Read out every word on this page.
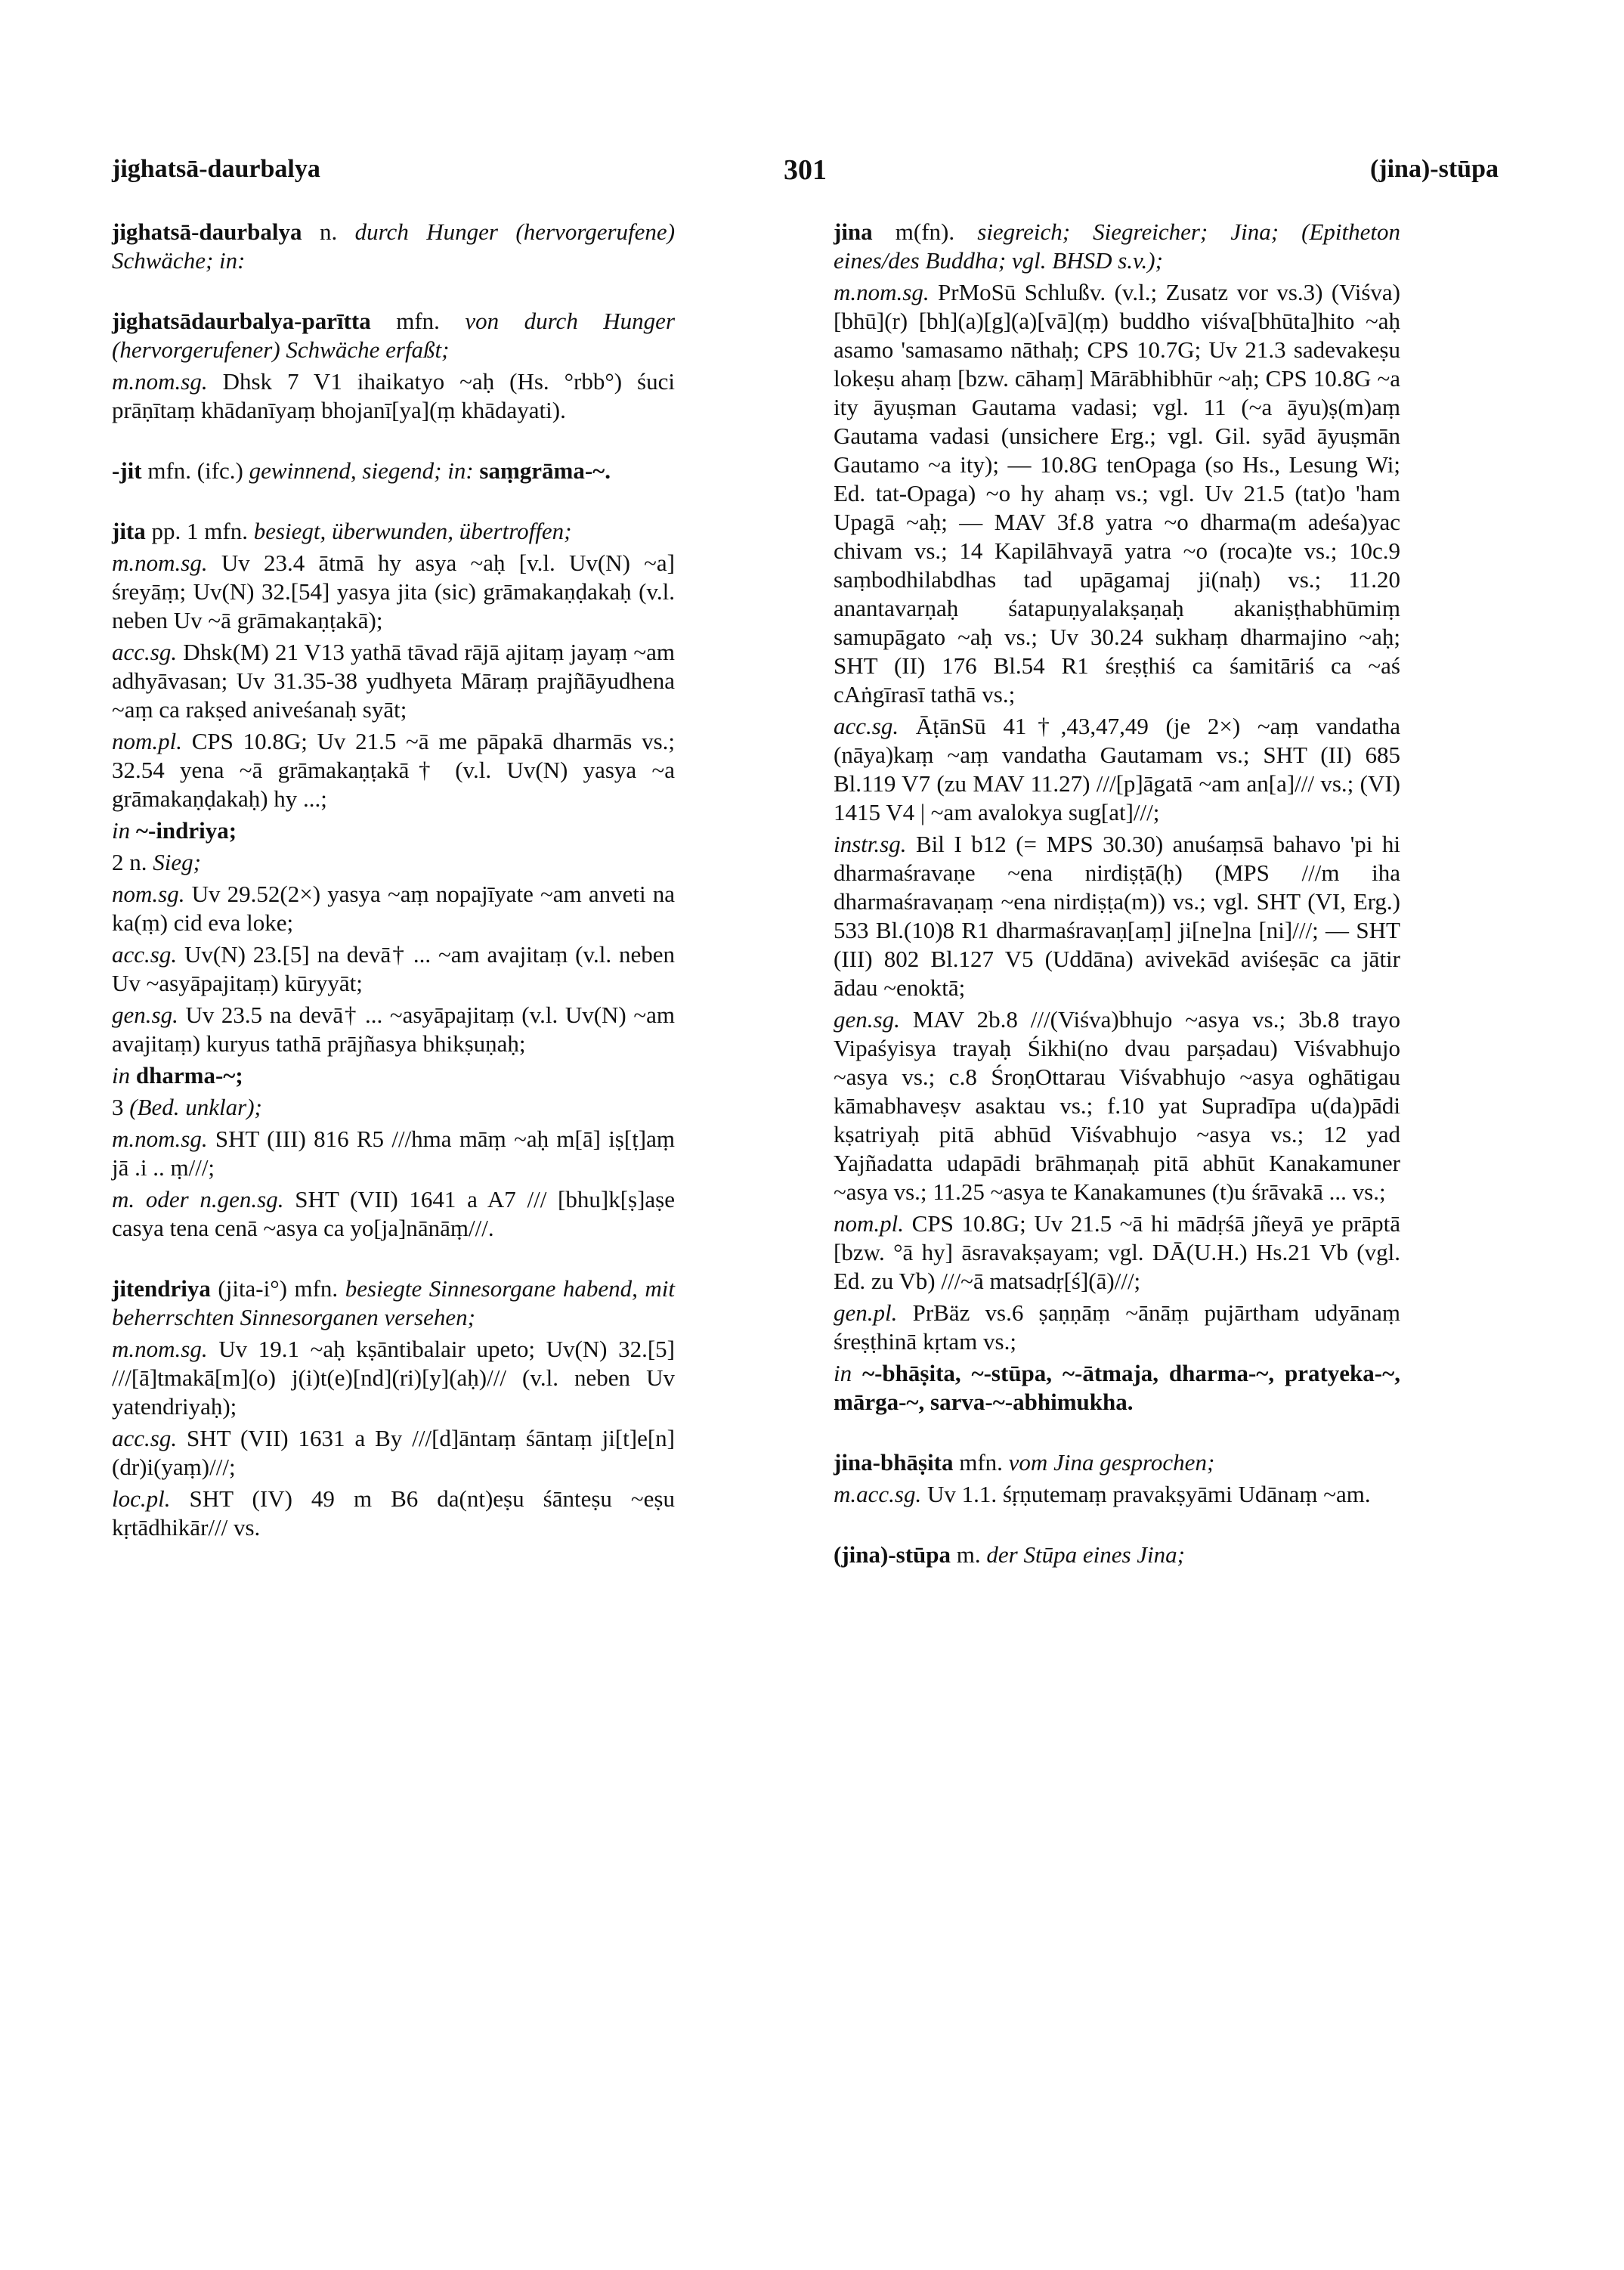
jighatsā-daurbalya	301	(jina)-stūpa

jighatsā-daurbalya n. durch Hunger (hervorgerufene) Schwäche; in:

jighatsādaurbalya-parītta mfn. von durch Hunger (hervorgerufener) Schwäche erfaßt;

m.nom.sg. Dhsk 7 V1 ihaikatyo ~aḥ (Hs. °rbb°) śuci prāṇītaṃ khādanīyaṃ bhojanī[ya](ṃ khādayati).

-jit mfn. (ifc.) gewinnend, siegend; in: saṃgrāma-~.

jita pp. 1 mfn. besiegt, überwunden, übertroffen;

m.nom.sg. Uv 23.4 ātmā hy asya ~aḥ [v.l. Uv(N) ~a] śreyāṃ; Uv(N) 32.[54] yasya jita (sic) grāmakaṇḍakaḥ (v.l. neben Uv ~ā grāmakaṇṭakā);

acc.sg. Dhsk(M) 21 V13 yathā tāvad rājā ajitaṃ jayaṃ ~am adhyāvasan; Uv 31.35-38 yudhyeta Māraṃ prajñāyudhena ~aṃ ca rakṣed aniveśanaḥ syāt;

nom.pl. CPS 10.8G; Uv 21.5 ~ā me pāpakā dharmās vs.; 32.54 yena ~ā grāmakaṇṭakā† (v.l. Uv(N) yasya ~a grāmakaṇḍakaḥ) hy ...;

in ~-indriya;

2 n. Sieg;

nom.sg. Uv 29.52(2×) yasya ~aṃ nopajīyate ~am anveti na ka(ṃ) cid eva loke;

acc.sg. Uv(N) 23.[5] na devā† ... ~am avajitaṃ (v.l. neben Uv ~asyāpajitaṃ) kūryyāt;

gen.sg. Uv 23.5 na devā† ... ~asyāpajitaṃ (v.l. Uv(N) ~am avajitaṃ) kuryus tathā prājñasya bhikṣuṇaḥ;

in dharma-~;

3 (Bed. unklar);

m.nom.sg. SHT (III) 816 R5 ///hma māṃ ~aḥ m[ā] iṣ[ṭ]aṃ jā .i .. ṃ///;

m. oder n.gen.sg. SHT (VII) 1641 a A7 /// [bhu]k[ṣ]aṣe casya tena cenā ~asya ca yo[ja]nānāṃ///.

jitendriya (jita-i°) mfn. besiegte Sinnesorgane habend, mit beherrschten Sinnesorganen versehen;

m.nom.sg. Uv 19.1 ~aḥ kṣāntibalair upeto; Uv(N) 32.[5] ///[ā]tmakā[m](o) j(i)t(e)[nd](ri)[y](aḥ)/// (v.l. neben Uv yatendriyaḥ);

acc.sg. SHT (VII) 1631 a By ///[d]āntaṃ śāntaṃ ji[t]e[n](dr)i(yaṃ)///;

loc.pl. SHT (IV) 49 m B6 da(nt)eṣu śānteṣu ~eṣu kṛtādhikār/// vs.

jina m(fn). siegreich; Siegreicher; Jina; (Epitheton eines/des Buddha; vgl. BHSD s.v.);

m.nom.sg. PrMoSū Schlußv. (v.l.; Zusatz vor vs.3) (Viśva)[bhū](r) [bh](a)[g](a)[vā](ṃ) buddho viśva[bhūta]hito ~aḥ asamo 'samasamo nāthaḥ; CPS 10.7G; Uv 21.3 sadevakeṣu lokeṣu ahaṃ [bzw. cāhaṃ] Mārābhibhūr ~aḥ; CPS 10.8G ~a ity āyuṣman Gautama vadasi; vgl. 11 (~a āyu)ṣ(m)aṃ Gautama vadasi (unsichere Erg.; vgl. Gil. syād āyuṣmān Gautamo ~a ity); — 10.8G tenOpaga (so Hs., Lesung Wi; Ed. tat-Opaga) ~o hy ahaṃ vs.; vgl. Uv 21.5 (tat)o 'ham Upagā ~aḥ; — MAV 3f.8 yatra ~o dharma(m adeśa)yac chivam vs.; 14 Kapilāhvayā yatra ~o (roca)te vs.; 10c.9 saṃbodhilabdhas tad upāgamaj ji(naḥ) vs.; 11.20 anantavarṇaḥ śatapuṇyalakṣaṇaḥ akaniṣṭhabhūmiṃ samupāgato ~aḥ vs.; Uv 30.24 sukhaṃ dharmajino ~aḥ; SHT (II) 176 Bl.54 R1 śreṣṭhiś ca śamitāriś ca ~aś cAṅgīrasī tathā vs.;

acc.sg. ĀṭānSū 41†,43,47,49 (je 2×) ~aṃ vandatha (nāya)kaṃ ~aṃ vandatha Gautamam vs.; SHT (II) 685 Bl.119 V7 (zu MAV 11.27) ///[p]āgatā ~am an[a]/// vs.; (VI) 1415 V4 | ~am avalokya sug[at]///;

instr.sg. Bil I b12 (= MPS 30.30) anuśaṃsā bahavo 'pi hi dharmaśravaṇe ~ena nirdiṣṭā(ḥ) (MPS ///m iha dharmaśravaṇaṃ ~ena nirdiṣṭa(m)) vs.; vgl. SHT (VI, Erg.) 533 Bl.(10)8 R1 dharmaśravaṇ[aṃ] ji[ne]na [ni]///; — SHT (III) 802 Bl.127 V5 (Uddāna) avivekād aviśeṣāc ca jātir ādau ~enoktā;

gen.sg. MAV 2b.8 ///(Viśva)bhujo ~asya vs.; 3b.8 trayo Vipaśyisya trayaḥ Śikhi(no dvau parṣadau) Viśvabhujo ~asya vs.; c.8 ŚroṇOttarau Viśvabhujo ~asya oghātigau kāmabhaveṣv asaktau vs.; f.10 yat Supradīpa u(da)pādi kṣatriyaḥ pitā abhūd Viśvabhujo ~asya vs.; 12 yad Yajñadatta udapādi brāhmaṇaḥ pitā abhūt Kanakamuner ~asya vs.; 11.25 ~asya te Kanakamunes (t)u śrāvakā ... vs.;

nom.pl. CPS 10.8G; Uv 21.5 ~ā hi mādṛśā jñeyā ye prāptā [bzw. °ā hy] āsravakṣayam; vgl. DĀ(U.H.) Hs.21 Vb (vgl. Ed. zu Vb) ///~ā matsadṛ[ś](ā)///;

gen.pl. PrBäz vs.6 ṣaṇṇāṃ ~ānāṃ pujārtham udyānaṃ śreṣṭhinā kṛtam vs.;

in ~-bhāṣita, ~-stūpa, ~-ātmaja, dharma-~, pratyeka-~, mārga-~, sarva-~-abhimukha.

jina-bhāṣita mfn. vom Jina gesprochen;

m.acc.sg. Uv 1.1. śṛṇutemaṃ pravakṣyāmi Udānaṃ ~am.

(jina)-stūpa m. der Stūpa eines Jina;
